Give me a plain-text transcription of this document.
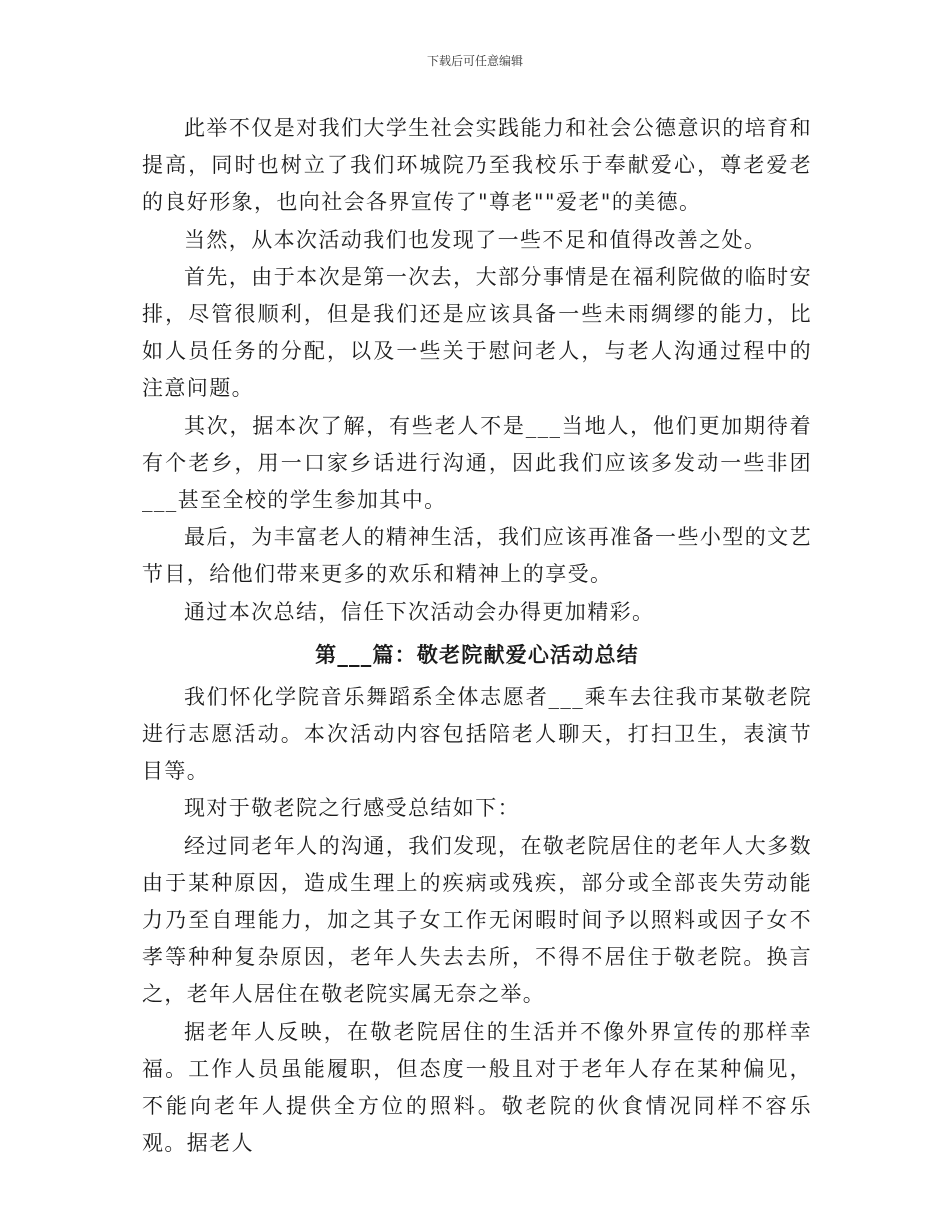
下载后可任意编辑

此举不仅是对我们大学生社会实践能力和社会公德意识的培育和提高，同时也树立了我们环城院乃至我校乐于奉献爱心，尊老爱老的良好形象，也向社会各界宣传了"尊老""爱老"的美德。

当然，从本次活动我们也发现了一些不足和值得改善之处。

首先，由于本次是第一次去，大部分事情是在福利院做的临时安排，尽管很顺利，但是我们还是应该具备一些未雨绸缪的能力，比如人员任务的分配，以及一些关于慰问老人，与老人沟通过程中的注意问题。

其次，据本次了解，有些老人不是___当地人，他们更加期待着有个老乡，用一口家乡话进行沟通，因此我们应该多发动一些非团___甚至全校的学生参加其中。

最后，为丰富老人的精神生活，我们应该再准备一些小型的文艺节目，给他们带来更多的欢乐和精神上的享受。

通过本次总结，信任下次活动会办得更加精彩。

第___篇：敬老院献爱心活动总结

我们怀化学院音乐舞蹈系全体志愿者___乘车去往我市某敬老院进行志愿活动。本次活动内容包括陪老人聊天，打扫卫生，表演节目等。

现对于敬老院之行感受总结如下：

经过同老年人的沟通，我们发现，在敬老院居住的老年人大多数由于某种原因，造成生理上的疾病或残疾，部分或全部丧失劳动能力乃至自理能力，加之其子女工作无闲暇时间予以照料或因子女不孝等种种复杂原因，老年人失去去所，不得不居住于敬老院。换言之，老年人居住在敬老院实属无奈之举。

据老年人反映，在敬老院居住的生活并不像外界宣传的那样幸福。工作人员虽能履职，但态度一般且对于老年人存在某种偏见，不能向老年人提供全方位的照料。敬老院的伙食情况同样不容乐观。据老人
